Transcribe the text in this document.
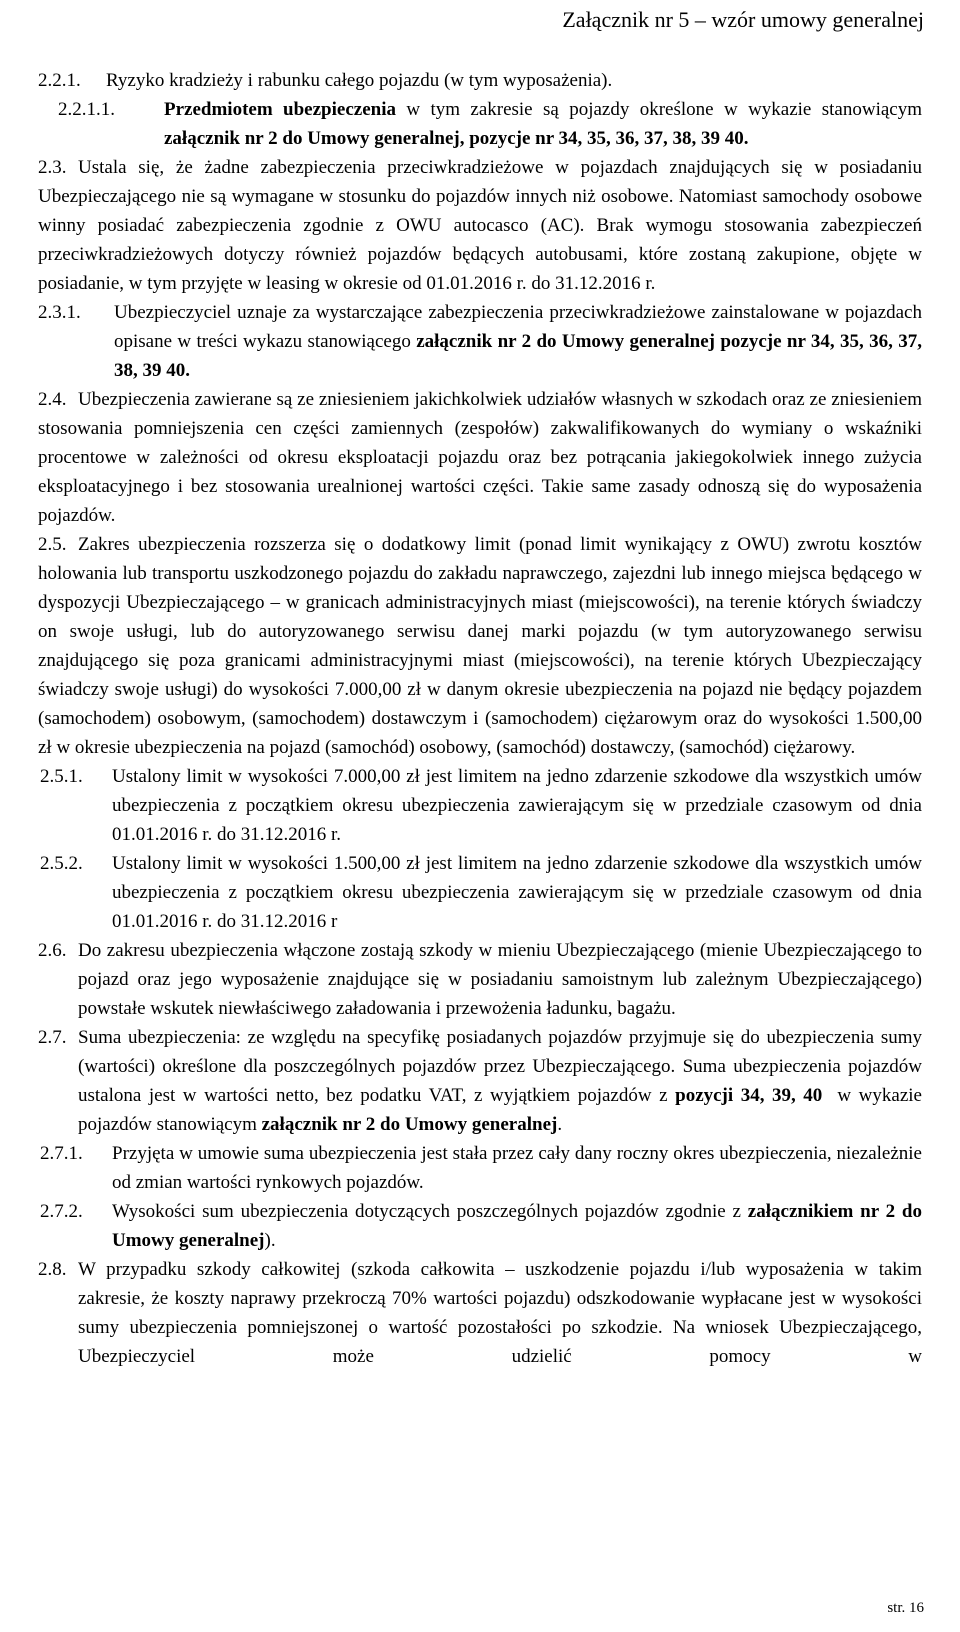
Załącznik nr 5 – wzór umowy generalnej
2.2.1.	Ryzyko kradzieży i rabunku całego pojazdu (w tym wyposażenia).
2.2.1.1.	Przedmiotem ubezpieczenia w tym zakresie są pojazdy określone w wykazie stanowiącym załącznik nr 2 do Umowy generalnej, pozycje nr 34, 35, 36, 37, 38, 39 40.
2.3. Ustala się, że żadne zabezpieczenia przeciwkradzieżowe w pojazdach znajdujących się w posiadaniu Ubezpieczającego nie są wymagane w stosunku do pojazdów innych niż osobowe. Natomiast samochody osobowe winny posiadać zabezpieczenia zgodnie z OWU autocasco (AC). Brak wymogu stosowania zabezpieczeń przeciwkradzieżowych dotyczy również pojazdów będących autobusami, które zostaną zakupione, objęte w posiadanie, w tym przyjęte w leasing w okresie od 01.01.2016 r. do 31.12.2016 r.
2.3.1.	Ubezpieczyciel uznaje za wystarczające zabezpieczenia przeciwkradzieżowe zainstalowane w pojazdach opisane w treści wykazu stanowiącego załącznik nr 2 do Umowy generalnej pozycje nr 34, 35, 36, 37, 38, 39 40.
2.4. Ubezpieczenia zawierane są ze zniesieniem jakichkolwiek udziałów własnych w szkodach oraz ze zniesieniem stosowania pomniejszenia cen części zamiennych (zespołów) zakwalifikowanych do wymiany o wskaźniki procentowe w zależności od okresu eksploatacji pojazdu oraz bez potrącania jakiegokolwiek innego zużycia eksploatacyjnego i bez stosowania urealnionej wartości części. Takie same zasady odnoszą się do wyposażenia pojazdów.
2.5. Zakres ubezpieczenia rozszerza się o dodatkowy limit (ponad limit wynikający z OWU) zwrotu kosztów holowania lub transportu uszkodzonego pojazdu do zakładu naprawczego, zajezdni lub innego miejsca będącego w dyspozycji Ubezpieczającego – w granicach administracyjnych miast (miejscowości), na terenie których świadczy on swoje usługi, lub do autoryzowanego serwisu danej marki pojazdu (w tym autoryzowanego serwisu znajdującego się poza granicami administracyjnymi miast (miejscowości), na terenie których Ubezpieczający świadczy swoje usługi) do wysokości 7.000,00 zł w danym okresie ubezpieczenia na pojazd nie będący pojazdem (samochodem) osobowym, (samochodem) dostawczym i (samochodem) ciężarowym oraz do wysokości 1.500,00 zł w okresie ubezpieczenia na pojazd (samochód) osobowy, (samochód) dostawczy, (samochód) ciężarowy.
2.5.1.	Ustalony limit w wysokości 7.000,00 zł jest limitem na jedno zdarzenie szkodowe dla wszystkich umów ubezpieczenia z początkiem okresu ubezpieczenia zawierającym się w przedziale czasowym od dnia 01.01.2016 r. do 31.12.2016 r.
2.5.2.	Ustalony limit w wysokości 1.500,00 zł jest limitem na jedno zdarzenie szkodowe dla wszystkich umów ubezpieczenia z początkiem okresu ubezpieczenia zawierającym się w przedziale czasowym od dnia 01.01.2016 r. do 31.12.2016 r
2.6. Do zakresu ubezpieczenia włączone zostają szkody w mieniu Ubezpieczającego (mienie Ubezpieczającego to pojazd oraz jego wyposażenie znajdujące się w posiadaniu samoistnym lub zależnym Ubezpieczającego) powstałe wskutek niewłaściwego załadowania i przewożenia ładunku, bagażu.
2.7. Suma ubezpieczenia: ze względu na specyfikę posiadanych pojazdów przyjmuje się do ubezpieczenia sumy (wartości) określone dla poszczególnych pojazdów przez Ubezpieczającego. Suma ubezpieczenia pojazdów ustalona jest w wartości netto, bez podatku VAT, z wyjątkiem pojazdów z pozycji 34, 39, 40  w wykazie pojazdów stanowiącym załącznik nr 2 do Umowy generalnej.
2.7.1.	Przyjęta w umowie suma ubezpieczenia jest stała przez cały dany roczny okres ubezpieczenia, niezależnie od zmian wartości rynkowych pojazdów.
2.7.2.	Wysokości sum ubezpieczenia dotyczących poszczególnych pojazdów zgodnie z załącznikiem nr 2 do Umowy generalnej).
2.8. W przypadku szkody całkowitej (szkoda całkowita – uszkodzenie pojazdu i/lub wyposażenia w takim zakresie, że koszty naprawy przekroczą 70% wartości pojazdu) odszkodowanie wypłacane jest w wysokości sumy ubezpieczenia pomniejszonej o wartość pozostałości po szkodzie. Na wniosek Ubezpieczającego, Ubezpieczyciel może udzielić pomocy w
str. 16
